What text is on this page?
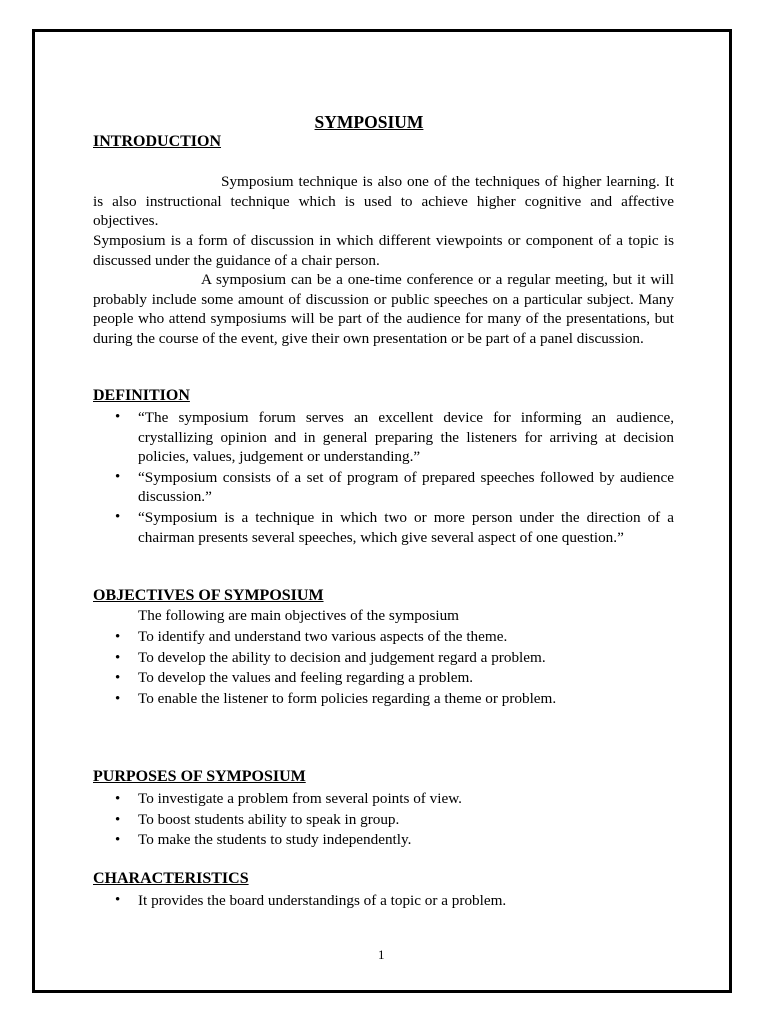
SYMPOSIUM
INTRODUCTION

Symposium technique is also one of the techniques of higher learning. It is also instructional technique which is used to achieve higher cognitive and affective objectives.

Symposium is a form of discussion in which different viewpoints or component of a topic is discussed under the guidance of a chair person.

A symposium can be a one-time conference or a regular meeting, but it will probably include some amount of discussion or public speeches on a particular subject. Many people who attend symposiums will be part of the audience for many of the presentations, but during the course of the event, give their own presentation or be part of a panel discussion.

DEFINITION
• “The symposium forum serves an excellent device for informing an audience, crystallizing opinion and in general preparing the listeners for arriving at decision policies, values, judgement or understanding.”
• “Symposium consists of a set of program of prepared speeches followed by audience discussion.”
• “Symposium is a technique in which two or more person under the direction of a chairman presents several speeches, which give several aspect of one question.”
OBJECTIVES OF SYMPOSIUM
The following are main objectives of the symposium
• To identify and understand two various aspects of the theme.
• To develop the ability to decision and judgement regard a problem.
• To develop the values and feeling regarding a problem.
• To enable the listener to form policies regarding a theme or problem.
PURPOSES OF SYMPOSIUM
• To investigate a problem from several points of view.
• To boost students ability to speak in group.
• To make the students to study independently.
CHARACTERISTICS
• It provides the board understandings of a topic or a problem.
1
